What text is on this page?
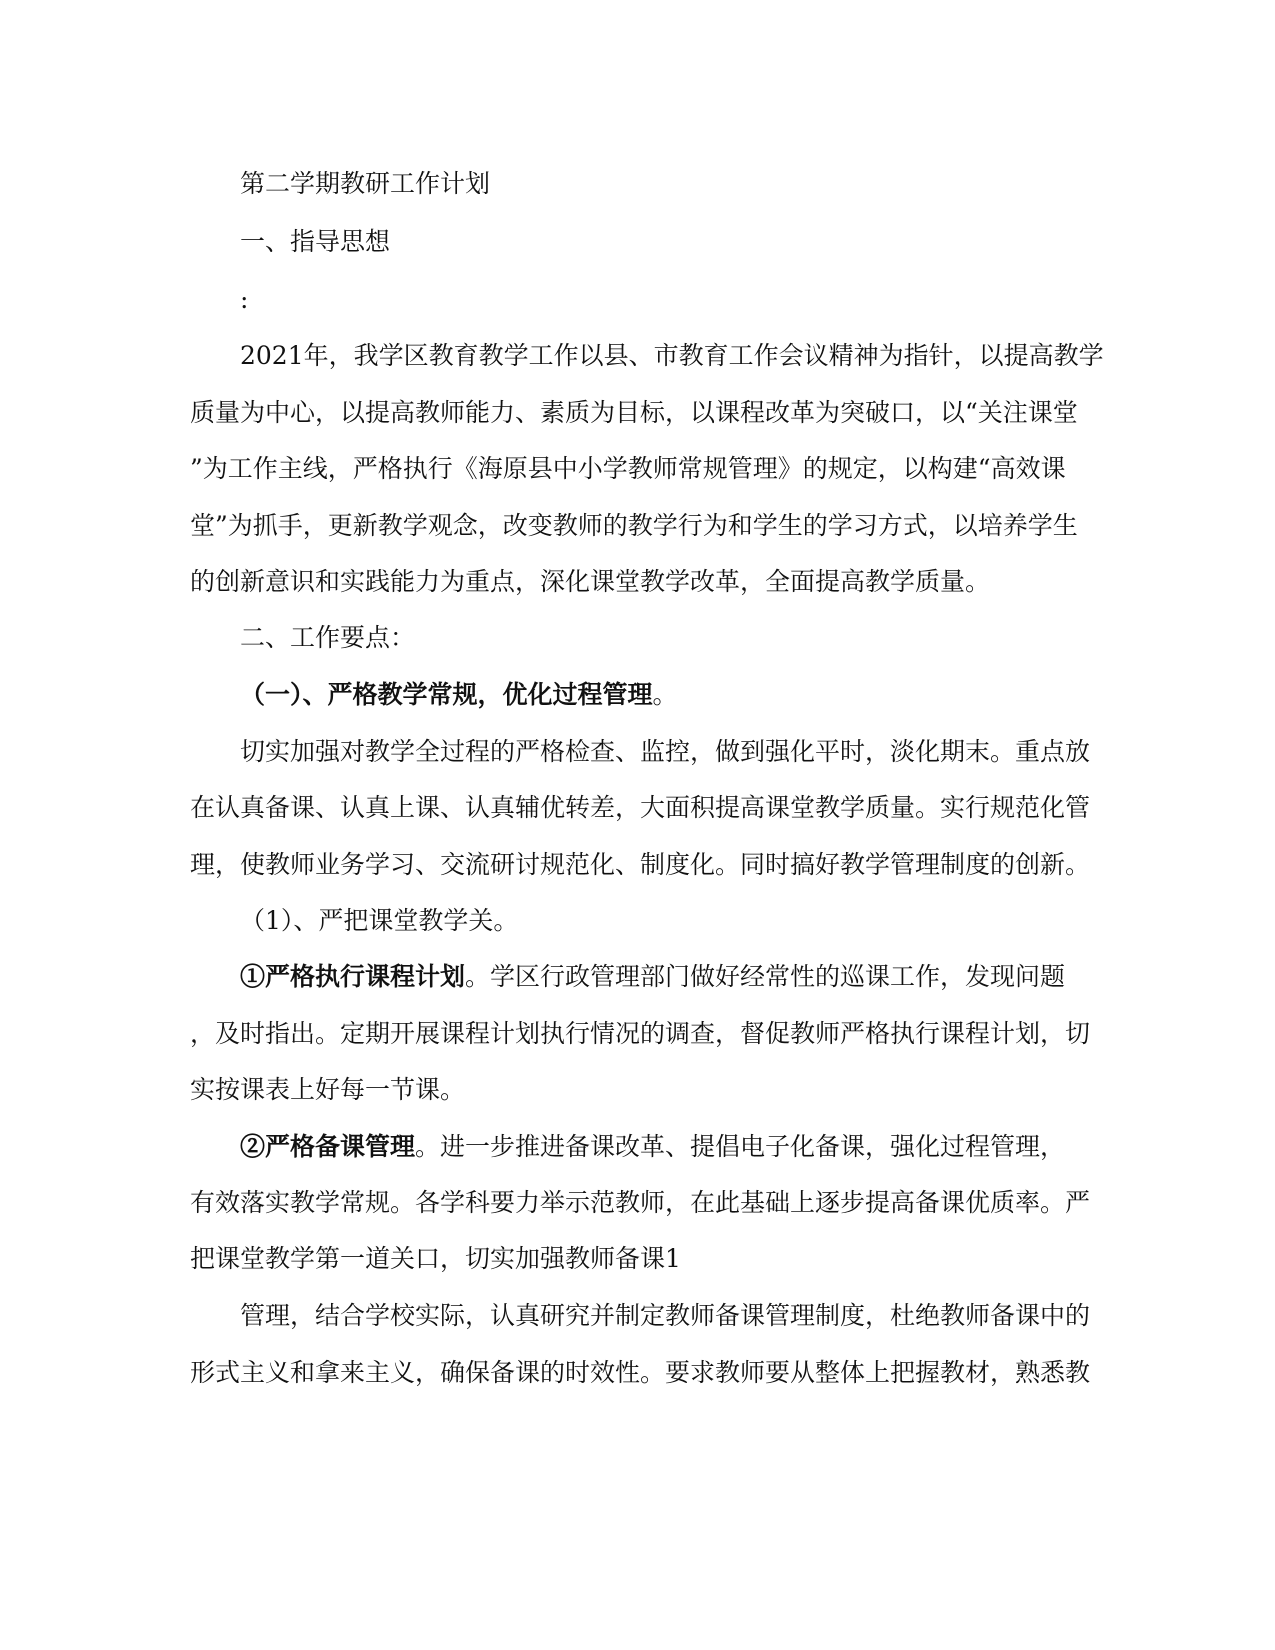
第二学期教研工作计划
一、指导思想
:
2021年，我学区教育教学工作以县、市教育工作会议精神为指针，以提高教学
质量为中心，以提高教师能力、素质为目标，以课程改革为突破口，以“关注课堂
”为工作主线，严格执行《海原县中小学教师常规管理》的规定，以构建“高效课
堂”为抓手，更新教学观念，改变教师的教学行为和学生的学习方式，以培养学生
的创新意识和实践能力为重点，深化课堂教学改革，全面提高教学质量。
二、工作要点：
（一）、严格教学常规，优化过程管理。
切实加强对教学全过程的严格检查、监控，做到强化平时，淡化期末。重点放
在认真备课、认真上课、认真辅优转差，大面积提高课堂教学质量。实行规范化管
理，使教师业务学习、交流研讨规范化、制度化。同时搞好教学管理制度的创新。
（1）、严把课堂教学关。
①严格执行课程计划。学区行政管理部门做好经常性的巡课工作，发现问题
，及时指出。定期开展课程计划执行情况的调查，督促教师严格执行课程计划，切
实按课表上好每一节课。
②严格备课管理。进一步推进备课改革、提倡电子化备课，强化过程管理，
有效落实教学常规。各学科要力举示范教师，在此基础上逐步提高备课优质率。严
把课堂教学第一道关口，切实加强教师备课1
管理，结合学校实际，认真研究并制定教师备课管理制度，杜绝教师备课中的
形式主义和拿来主义，确保备课的时效性。要求教师要从整体上把握教材，熟悉教
